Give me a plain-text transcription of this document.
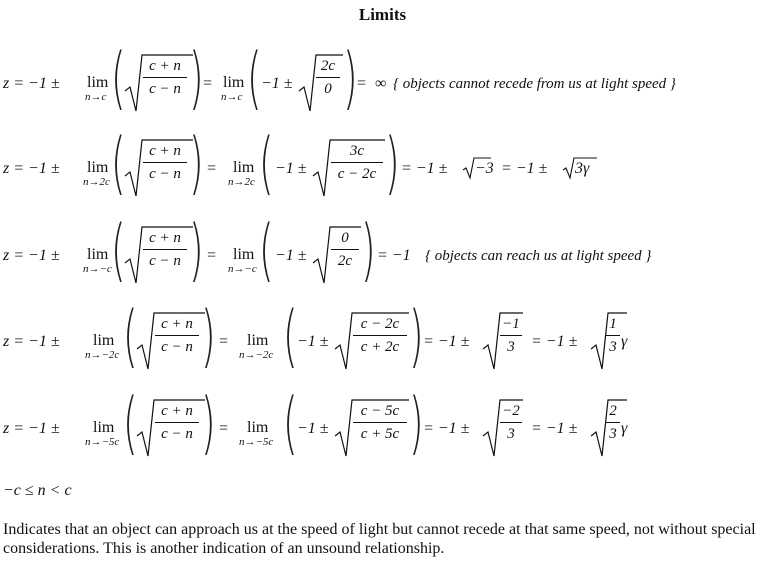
Limits
z = −1 ± lim
n→c (	c + n
c − n ) = lim
n→c ( −1 ±
2c
0 ) = ∞ { objects cannot recede from us at light speed }
z = −1 ± lim
n→2c (	c + n
c − n ) = lim
n→2c ( −1 ±
3c
c − 2c ) = −1 ± −3 = −1 ± 3γ
z = −1 ± lim
n→−c (	c + n
c − n ) = lim
n→−c ( −1 ±
0
2c ) = −1 { objects can reach us at light speed }
z = −1 ± lim
n→−2c (	c + n
c − n ) = lim
n→−2c ( −1 ±
c − 2c
c + 2c ) = −1 ±
−1
3	= −1 ±
1
3 γ
z = −1 ± lim
n→−5c (	c + n
c − n ) = lim
n→−5c ( −1 ±
c − 5c
c + 5c ) = −1 ±
−2
3	= −1 ±
2
3 γ
−c ≤ n < c
Indicates that an object can approach us at the speed of light but cannot recede at that same speed, not without special considerations. This is another indication of an unsound relationship.
